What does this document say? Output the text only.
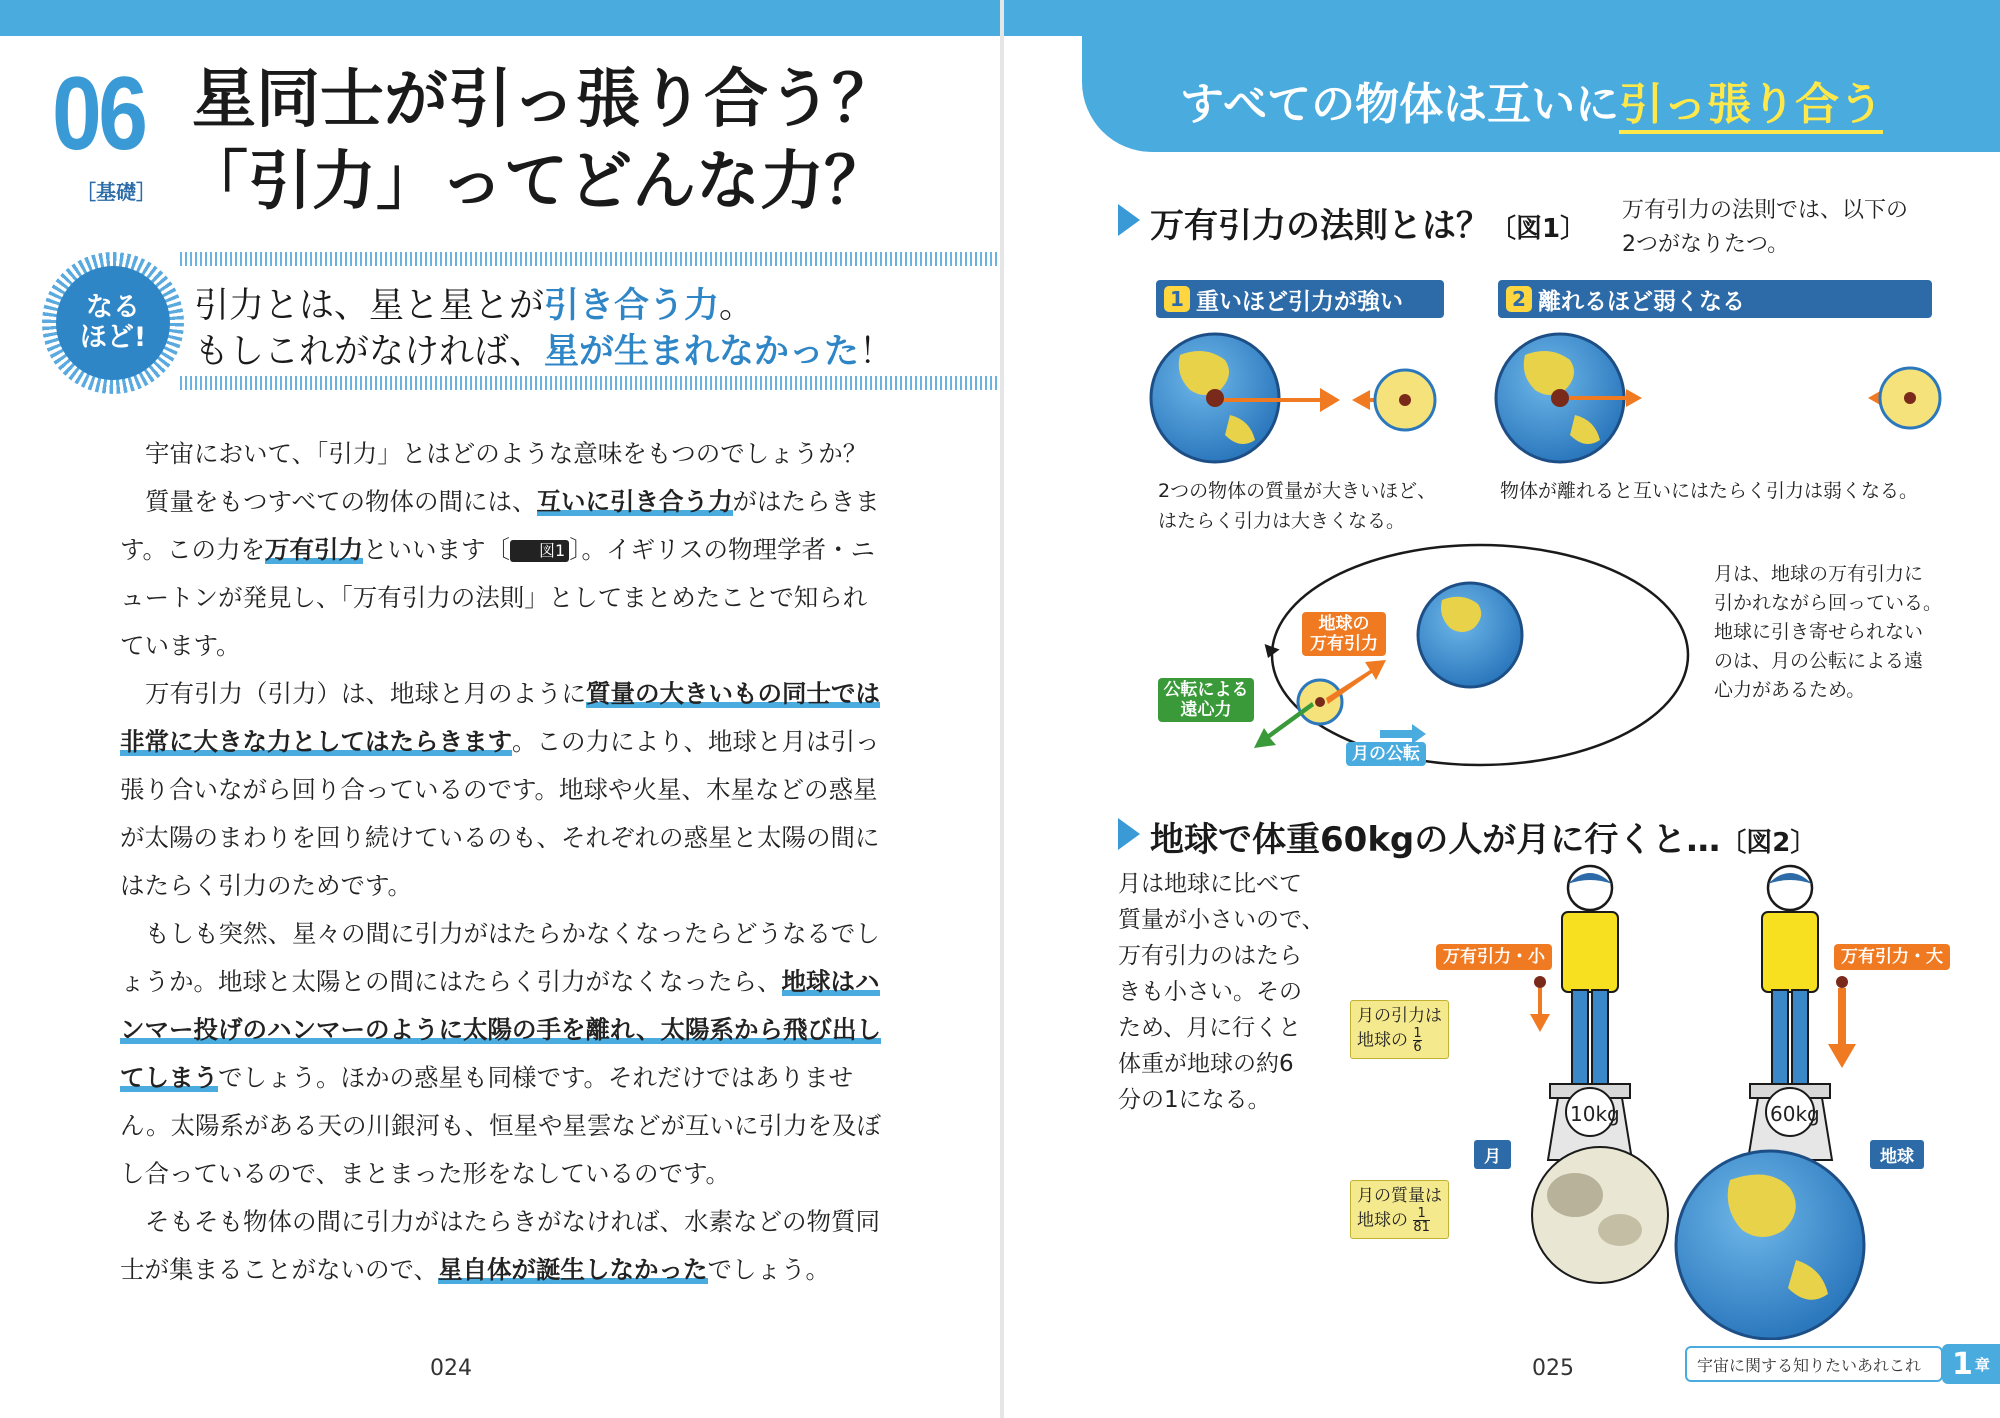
06
［基礎］
星同士が引っ張り合う？
「引力」ってどんな力？
なる
ほど!
引力とは、星と星とが引き合う力。
もしこれがなければ、星が生まれなかった！

宇宙において、「引力」とはどのような意味をもつのでしょうか？

質量をもつすべての物体の間には、互いに引き合う力がはたらきます。この力を万有引力といいます〔 図1 〕。イギリスの物理学者・ニュートンが発見し、「万有引力の法則」としてまとめたことで知られています。

万有引力（引力）は、地球と月のように質量の大きいもの同士では非常に大きな力としてはたらきます。この力により、地球と月は引っ張り合いながら回り合っているのです。地球や火星、木星などの惑星が太陽のまわりを回り続けているのも、それぞれの惑星と太陽の間にはたらく引力のためです。

もしも突然、星々の間に引力がはたらかなくなったらどうなるでしょうか。地球と太陽との間にはたらく引力がなくなったら、地球はハンマー投げのハンマーのように太陽の手を離れ、太陽系から飛び出してしまうでしょう。ほかの惑星も同様です。それだけではありません。太陽系がある天の川銀河も、恒星や星雲などが互いに引力を及ぼし合っているので、まとまった形をなしているのです。

そもそも物体の間に引力がはたらきがなければ、水素などの物質同士が集まることがないので、星自体が誕生しなかったでしょう。

024
すべての物体は互いに引っ張り合う
万有引力の法則とは？〔図1〕
万有引力の法則では、以下の
2つがなりたつ。
1 重いほど引力が強い	2 離れるほど弱くなる
2つの物体の質量が大きいほど、
はたらく引力は大きくなる。
物体が離れると互いにはたらく引力は弱くなる。
地球の
万有引力
公転による
遠心力
月の公転
月は、地球の万有引力に
引かれながら回っている。
地球に引き寄せられない
のは、月の公転による遠
心力があるため。
地球で体重60kgの人が月に行くと…〔図2〕
月は地球に比べて
質量が小さいので、
万有引力のはたら
きも小さい。その
ため、月に行くと
体重が地球の約6
分の1になる。
10kg	60kg
万有引力・小	万有引力・大
月の引力は
地球の $\frac{1}{6}$
月の質量は
地球の $\frac{1}{81}$
月	地球
025	宇宙に関する知りたいあれこれ	1 章
